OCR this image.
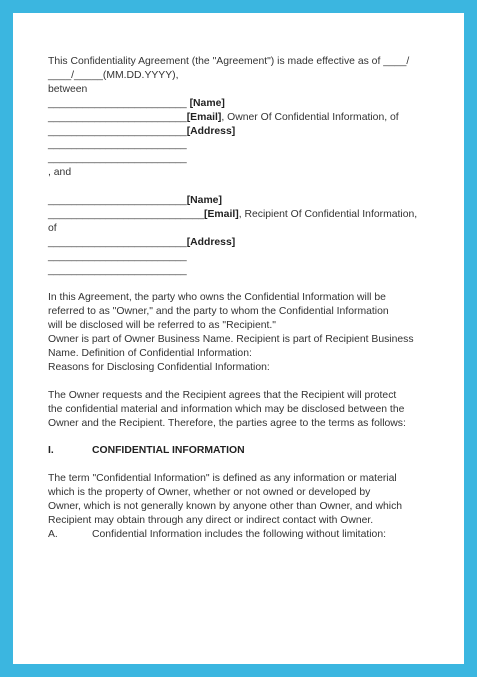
This Confidentiality Agreement (the "Agreement") is made effective as of ____/

____/_____(MM.DD.YYYY),

between

________________________ [Name]

________________________[Email], Owner Of Confidential Information, of

________________________[Address]

________________________

________________________

, and

________________________[Name]

___________________________[Email], Recipient Of Confidential Information,

of

________________________[Address]

________________________

________________________

In this Agreement, the party who owns the Confidential Information will be

referred to as "Owner," and the party to whom the Confidential Information

will be disclosed will be referred to as "Recipient."

Owner is part of Owner Business Name. Recipient is part of Recipient Business

Name. Definition of Confidential Information:

Reasons for Disclosing Confidential Information:

The Owner requests and the Recipient agrees that the Recipient will protect

the confidential material and information which may be disclosed between the

Owner and the Recipient. Therefore, the parties agree to the terms as follows:

I.	CONFIDENTIAL INFORMATION

The term "Confidential Information" is defined as any information or material

which is the property of Owner, whether or not owned or developed by

Owner, which is not generally known by anyone other than Owner, and which

Recipient may obtain through any direct or indirect contact with Owner.

A.	Confidential Information includes the following without limitation:
